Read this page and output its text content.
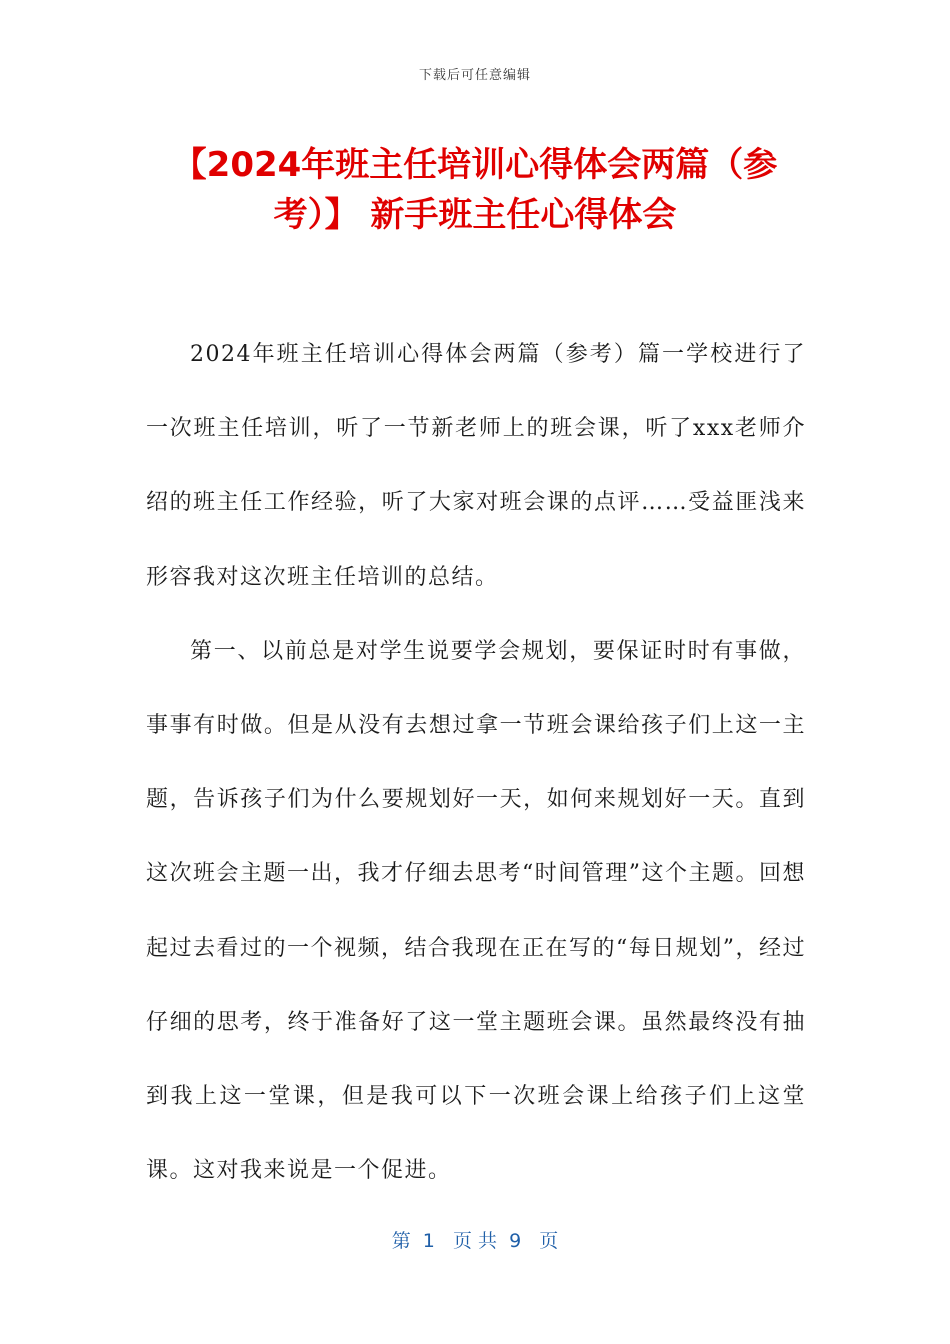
下载后可任意编辑
【2024年班主任培训心得体会两篇（参考）】 新手班主任心得体会

2024年班主任培训心得体会两篇（参考）篇一学校进行了一次班主任培训，听了一节新老师上的班会课，听了xxx老师介绍的班主任工作经验，听了大家对班会课的点评……受益匪浅来形容我对这次班主任培训的总结。

第一、以前总是对学生说要学会规划，要保证时时有事做，事事有时做。但是从没有去想过拿一节班会课给孩子们上这一主题，告诉孩子们为什么要规划好一天，如何来规划好一天。直到这次班会主题一出，我才仔细去思考“时间管理”这个主题。回想起过去看过的一个视频，结合我现在正在写的“每日规划”，经过仔细的思考，终于准备好了这一堂主题班会课。虽然最终没有抽到我上这一堂课，但是我可以下一次班会课上给孩子们上这堂课。这对我来说是一个促进。

第  1   页 共  9   页
